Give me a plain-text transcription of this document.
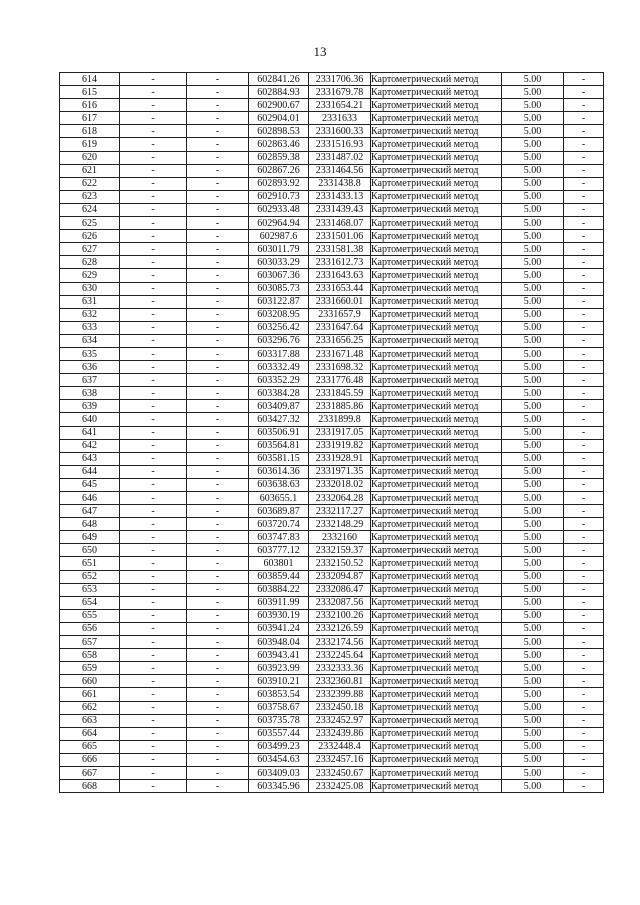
13
614	-	-	602841.26	2331706.36	Картометрический метод	5.00	-
615	-	-	602884.93	2331679.78	Картометрический метод	5.00	-
616	-	-	602900.67	2331654.21	Картометрический метод	5.00	-
617	-	-	602904.01	2331633	Картометрический метод	5.00	-
618	-	-	602898.53	2331600.33	Картометрический метод	5.00	-
619	-	-	602863.46	2331516.93	Картометрический метод	5.00	-
620	-	-	602859.38	2331487.02	Картометрический метод	5.00	-
621	-	-	602867.26	2331464.56	Картометрический метод	5.00	-
622	-	-	602893.92	2331438.8	Картометрический метод	5.00	-
623	-	-	602910.73	2331433.13	Картометрический метод	5.00	-
624	-	-	602933.48	2331439.43	Картометрический метод	5.00	-
625	-	-	602964.94	2331468.07	Картометрический метод	5.00	-
626	-	-	602987.6	2331501.06	Картометрический метод	5.00	-
627	-	-	603011.79	2331581.38	Картометрический метод	5.00	-
628	-	-	603033.29	2331612.73	Картометрический метод	5.00	-
629	-	-	603067.36	2331643.63	Картометрический метод	5.00	-
630	-	-	603085.73	2331653.44	Картометрический метод	5.00	-
631	-	-	603122.87	2331660.01	Картометрический метод	5.00	-
632	-	-	603208.95	2331657.9	Картометрический метод	5.00	-
633	-	-	603256.42	2331647.64	Картометрический метод	5.00	-
634	-	-	603296.76	2331656.25	Картометрический метод	5.00	-
635	-	-	603317.88	2331671.48	Картометрический метод	5.00	-
636	-	-	603332.49	2331698.32	Картометрический метод	5.00	-
637	-	-	603352.29	2331776.48	Картометрический метод	5.00	-
638	-	-	603384.28	2331845.59	Картометрический метод	5.00	-
639	-	-	603409.87	2331885.86	Картометрический метод	5.00	-
640	-	-	603427.32	2331899.8	Картометрический метод	5.00	-
641	-	-	603506.91	2331917.05	Картометрический метод	5.00	-
642	-	-	603564.81	2331919.82	Картометрический метод	5.00	-
643	-	-	603581.15	2331928.91	Картометрический метод	5.00	-
644	-	-	603614.36	2331971.35	Картометрический метод	5.00	-
645	-	-	603638.63	2332018.02	Картометрический метод	5.00	-
646	-	-	603655.1	2332064.28	Картометрический метод	5.00	-
647	-	-	603689.87	2332117.27	Картометрический метод	5.00	-
648	-	-	603720.74	2332148.29	Картометрический метод	5.00	-
649	-	-	603747.83	2332160	Картометрический метод	5.00	-
650	-	-	603777.12	2332159.37	Картометрический метод	5.00	-
651	-	-	603801	2332150.52	Картометрический метод	5.00	-
652	-	-	603859.44	2332094.87	Картометрический метод	5.00	-
653	-	-	603884.22	2332086.47	Картометрический метод	5.00	-
654	-	-	603911.99	2332087.56	Картометрический метод	5.00	-
655	-	-	603930.19	2332100.26	Картометрический метод	5.00	-
656	-	-	603941.24	2332126.59	Картометрический метод	5.00	-
657	-	-	603948.04	2332174.56	Картометрический метод	5.00	-
658	-	-	603943.41	2332245.64	Картометрический метод	5.00	-
659	-	-	603923.99	2332333.36	Картометрический метод	5.00	-
660	-	-	603910.21	2332360.81	Картометрический метод	5.00	-
661	-	-	603853.54	2332399.88	Картометрический метод	5.00	-
662	-	-	603758.67	2332450.18	Картометрический метод	5.00	-
663	-	-	603735.78	2332452.97	Картометрический метод	5.00	-
664	-	-	603557.44	2332439.86	Картометрический метод	5.00	-
665	-	-	603499.23	2332448.4	Картометрический метод	5.00	-
666	-	-	603454.63	2332457.16	Картометрический метод	5.00	-
667	-	-	603409.03	2332450.67	Картометрический метод	5.00	-
668	-	-	603345.96	2332425.08	Картометрический метод	5.00	-
